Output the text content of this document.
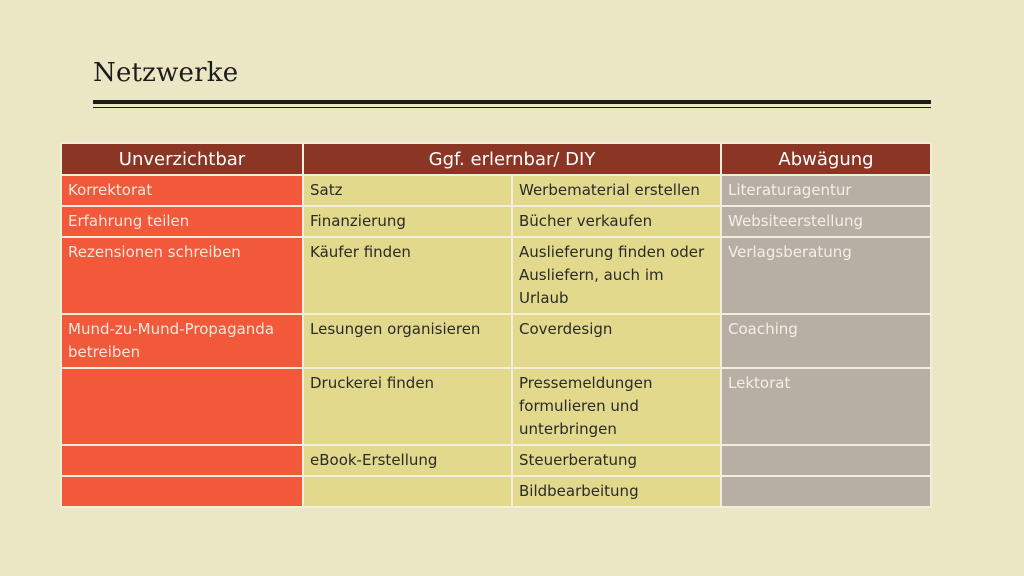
Netzwerke
Unverzichtbar	Ggf. erlernbar/ DIY		Abwägung
Korrektorat	Satz	Werbematerial erstellen	Literaturagentur
Erfahrung teilen	Finanzierung	Bücher verkaufen	Websiteerstellung
Rezensionen schreiben	Käufer finden	Auslieferung finden oder Ausliefern, auch im Urlaub	Verlagsberatung
Mund-zu-Mund-Propaganda betreiben	Lesungen organisieren	Coverdesign	Coaching
	Druckerei finden	Pressemeldungen formulieren und unterbringen	Lektorat
	eBook-Erstellung	Steuerberatung	
		Bildbearbeitung	
